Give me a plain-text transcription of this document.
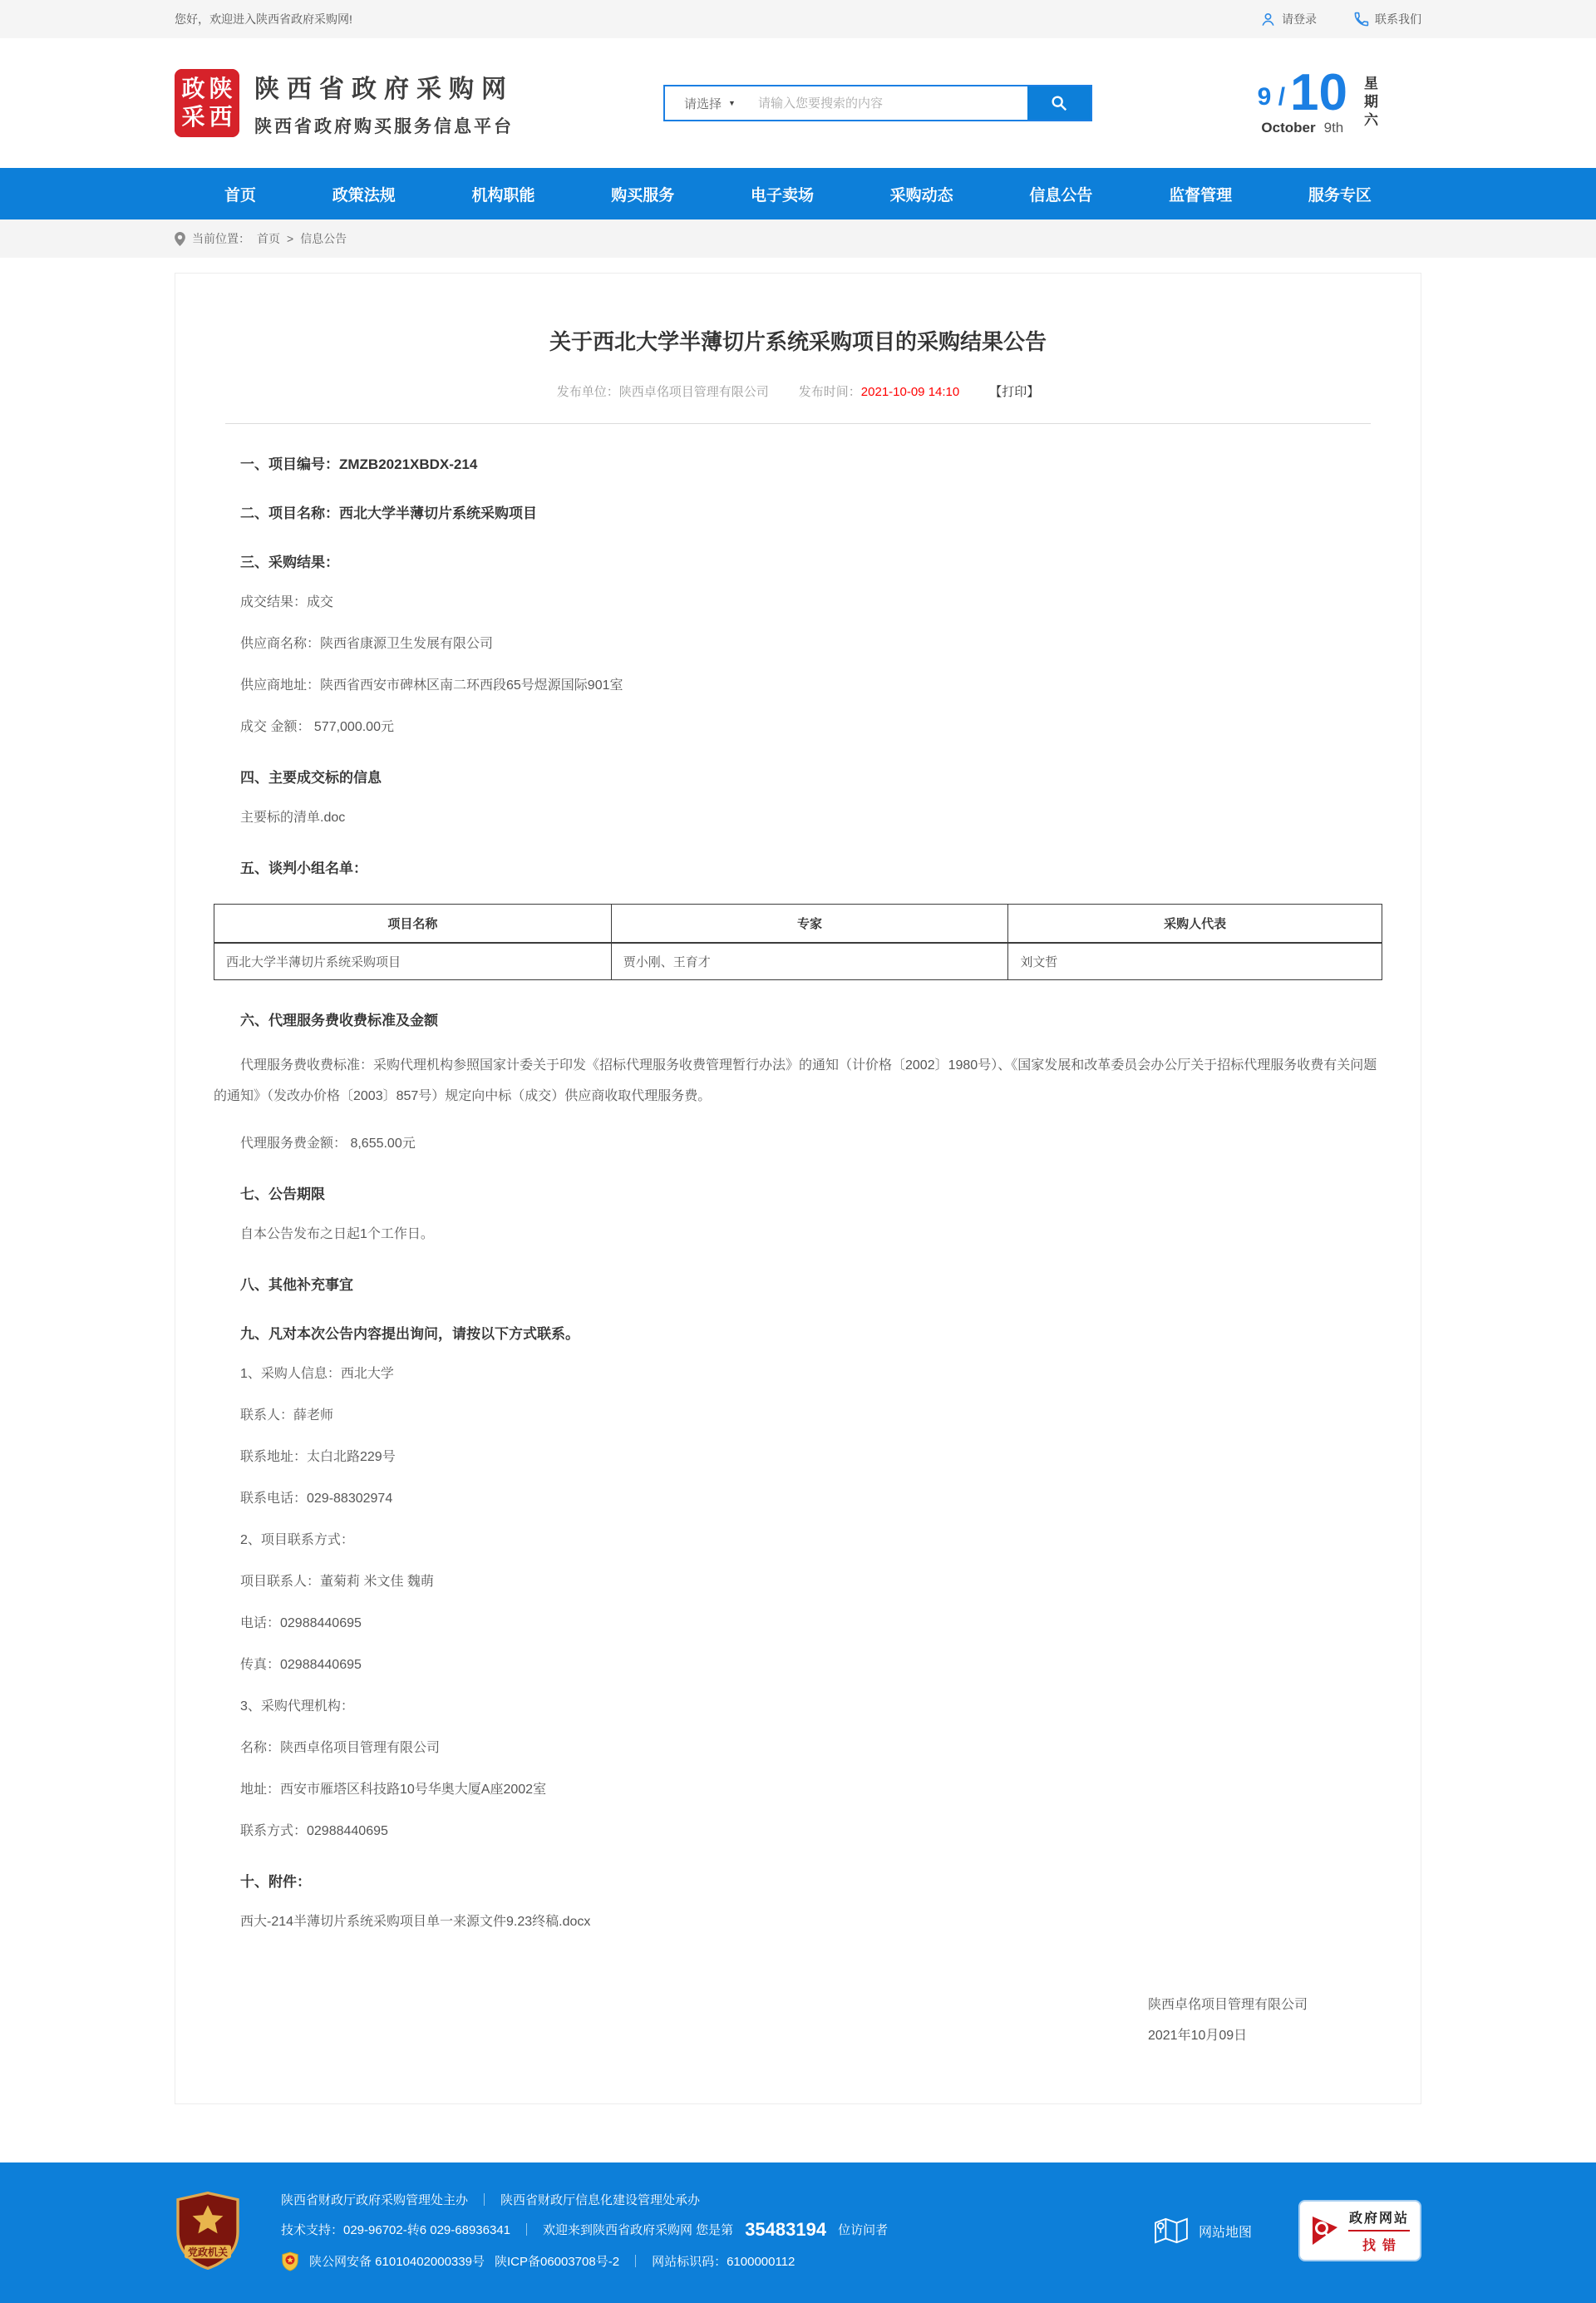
您好，欢迎进入陕西省政府采购网!	请登录	联系我们
政 陕
采 西
陕西省政府采购网
陕西省政府购买服务信息平台
请选择 ▼
请输入您要搜索的内容	9 / 10
October 9th 星期六
首页	政策法规	机构职能	购买服务	电子卖场	采购动态	信息公告	监督管理	服务专区
当前位置： 首页 > 信息公告
关于西北大学半薄切片系统采购项目的采购结果公告
发布单位：陕西卓佲项目管理有限公司 发布时间：2021-10-09 14:10 【打印】
一、项目编号：ZMZB2021XBDX-214
二、项目名称：西北大学半薄切片系统采购项目
三、采购结果：

成交结果：成交

供应商名称：陕西省康源卫生发展有限公司

供应商地址：陕西省西安市碑林区南二环西段65号煜源国际901室

成交 金额： 577,000.00元

四、主要成交标的信息

主要标的清单.doc

五、谈判小组名单：
项目名称	专家	采购人代表
西北大学半薄切片系统采购项目	贾小刚、王育才	刘文哲
六、代理服务费收费标准及金额

代理服务费收费标准：采购代理机构参照国家计委关于印发《招标代理服务收费管理暂行办法》的通知（计价格〔2002〕1980号）、《国家发展和改革委员会办公厅关于招标代理服务收费有关问题的通知》（发改办价格〔2003〕857号）规定向中标（成交）供应商收取代理服务费。

代理服务费金额： 8,655.00元

七、公告期限

自本公告发布之日起1个工作日。

八、其他补充事宜
九、凡对本次公告内容提出询问，请按以下方式联系。

1、采购人信息：西北大学

联系人：薛老师

联系地址：太白北路229号

联系电话：029-88302974

2、项目联系方式：

项目联系人：董菊莉 米文佳 魏萌

电话：02988440695

传真：02988440695

3、采购代理机构：

名称：陕西卓佲项目管理有限公司

地址：西安市雁塔区科技路10号华奥大厦A座2002室

联系方式：02988440695

十、附件：

西大-214半薄切片系统采购项目单一来源文件9.23终稿.docx

陕西卓佲项目管理有限公司
2021年10月09日
党政机关
陕西省财政厅政府采购管理处主办 ｜ 陕西省财政厅信息化建设管理处承办
技术支持：029-96702-转6 029-68936341 ｜ 欢迎来到陕西省政府采购网 您是第 35483194 位访问者
陕公网安备 61010402000339号 陕ICP备06003708号-2 ｜ 网站标识码：6100000112
网站地图
政府网站
找错
